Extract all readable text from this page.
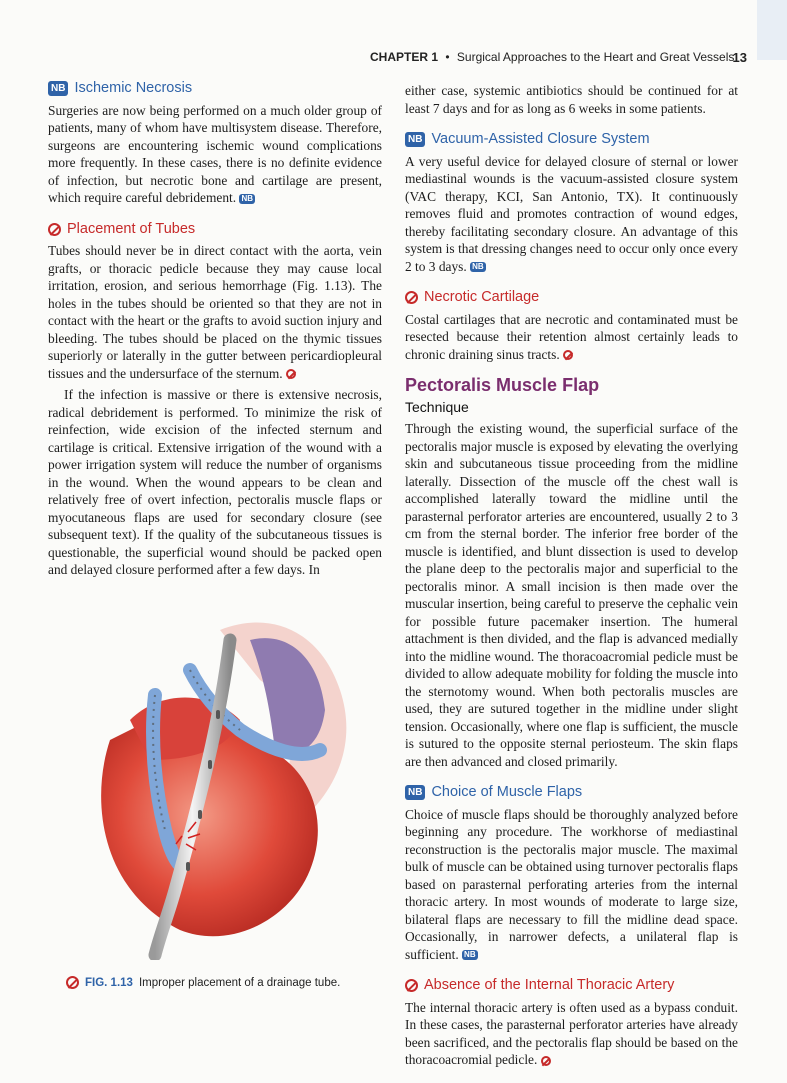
CHAPTER 1 • Surgical Approaches to the Heart and Great Vessels
13
NB Ischemic Necrosis

Surgeries are now being performed on a much older group of patients, many of whom have multisystem disease. Therefore, surgeons are encountering ischemic wound complications more frequently. In these cases, there is no definite evidence of infection, but necrotic bone and cartilage are present, which require careful debridement. NB

Placement of Tubes

Tubes should never be in direct contact with the aorta, vein grafts, or thoracic pedicle because they may cause local irritation, erosion, and serious hemorrhage (Fig. 1.13). The holes in the tubes should be oriented so that they are not in contact with the heart or the grafts to avoid suction injury and bleeding. The tubes should be placed on the thymic tissues superiorly or laterally in the gutter between pericardiopleural tissues and the undersurface of the sternum.

If the infection is massive or there is extensive necrosis, radical debridement is performed. To minimize the risk of reinfection, wide excision of the infected sternum and cartilage is critical. Extensive irrigation of the wound with a power irrigation system will reduce the number of organisms in the wound. When the wound appears to be clean and relatively free of overt infection, pectoralis muscle flaps or myocutaneous flaps are used for secondary closure (see subsequent text). If the quality of the subcutaneous tissues is questionable, the superficial wound should be packed open and delayed closure performed after a few days. In

FIG. 1.13 Improper placement of a drainage tube.

either case, systemic antibiotics should be continued for at least 7 days and for as long as 6 weeks in some patients.

NB Vacuum-Assisted Closure System

A very useful device for delayed closure of sternal or lower mediastinal wounds is the vacuum-assisted closure system (VAC therapy, KCI, San Antonio, TX). It continuously removes fluid and promotes contraction of wound edges, thereby facilitating secondary closure. An advantage of this system is that dressing changes need to occur only once every 2 to 3 days. NB

Necrotic Cartilage

Costal cartilages that are necrotic and contaminated must be resected because their retention almost certainly leads to chronic draining sinus tracts.

Pectoralis Muscle Flap
Technique

Through the existing wound, the superficial surface of the pectoralis major muscle is exposed by elevating the overlying skin and subcutaneous tissue proceeding from the midline laterally. Dissection of the muscle off the chest wall is accomplished laterally toward the midline until the parasternal perforator arteries are encountered, usually 2 to 3 cm from the sternal border. The inferior free border of the muscle is identified, and blunt dissection is used to develop the plane deep to the pectoralis major and superficial to the pectoralis minor. A small incision is then made over the muscular insertion, being careful to preserve the cephalic vein for possible future pacemaker insertion. The humeral attachment is then divided, and the flap is advanced medially into the midline wound. The thoracoacromial pedicle must be divided to allow adequate mobility for folding the muscle into the sternotomy wound. When both pectoralis muscles are used, they are sutured together in the midline under slight tension. Occasionally, where one flap is sufficient, the muscle is sutured to the opposite sternal periosteum. The skin flaps are then advanced and closed primarily.

NB Choice of Muscle Flaps

Choice of muscle flaps should be thoroughly analyzed before beginning any procedure. The workhorse of mediastinal reconstruction is the pectoralis major muscle. The maximal bulk of muscle can be obtained using turnover pectoralis flaps based on parasternal perforating arteries from the internal thoracic artery. In most wounds of moderate to large size, bilateral flaps are necessary to fill the midline dead space. Occasionally, in narrower defects, a unilateral flap is sufficient. NB

Absence of the Internal Thoracic Artery

The internal thoracic artery is often used as a bypass conduit. In these cases, the parasternal perforator arteries have already been sacrificed, and the pectoralis flap should be based on the thoracoacromial pedicle.
